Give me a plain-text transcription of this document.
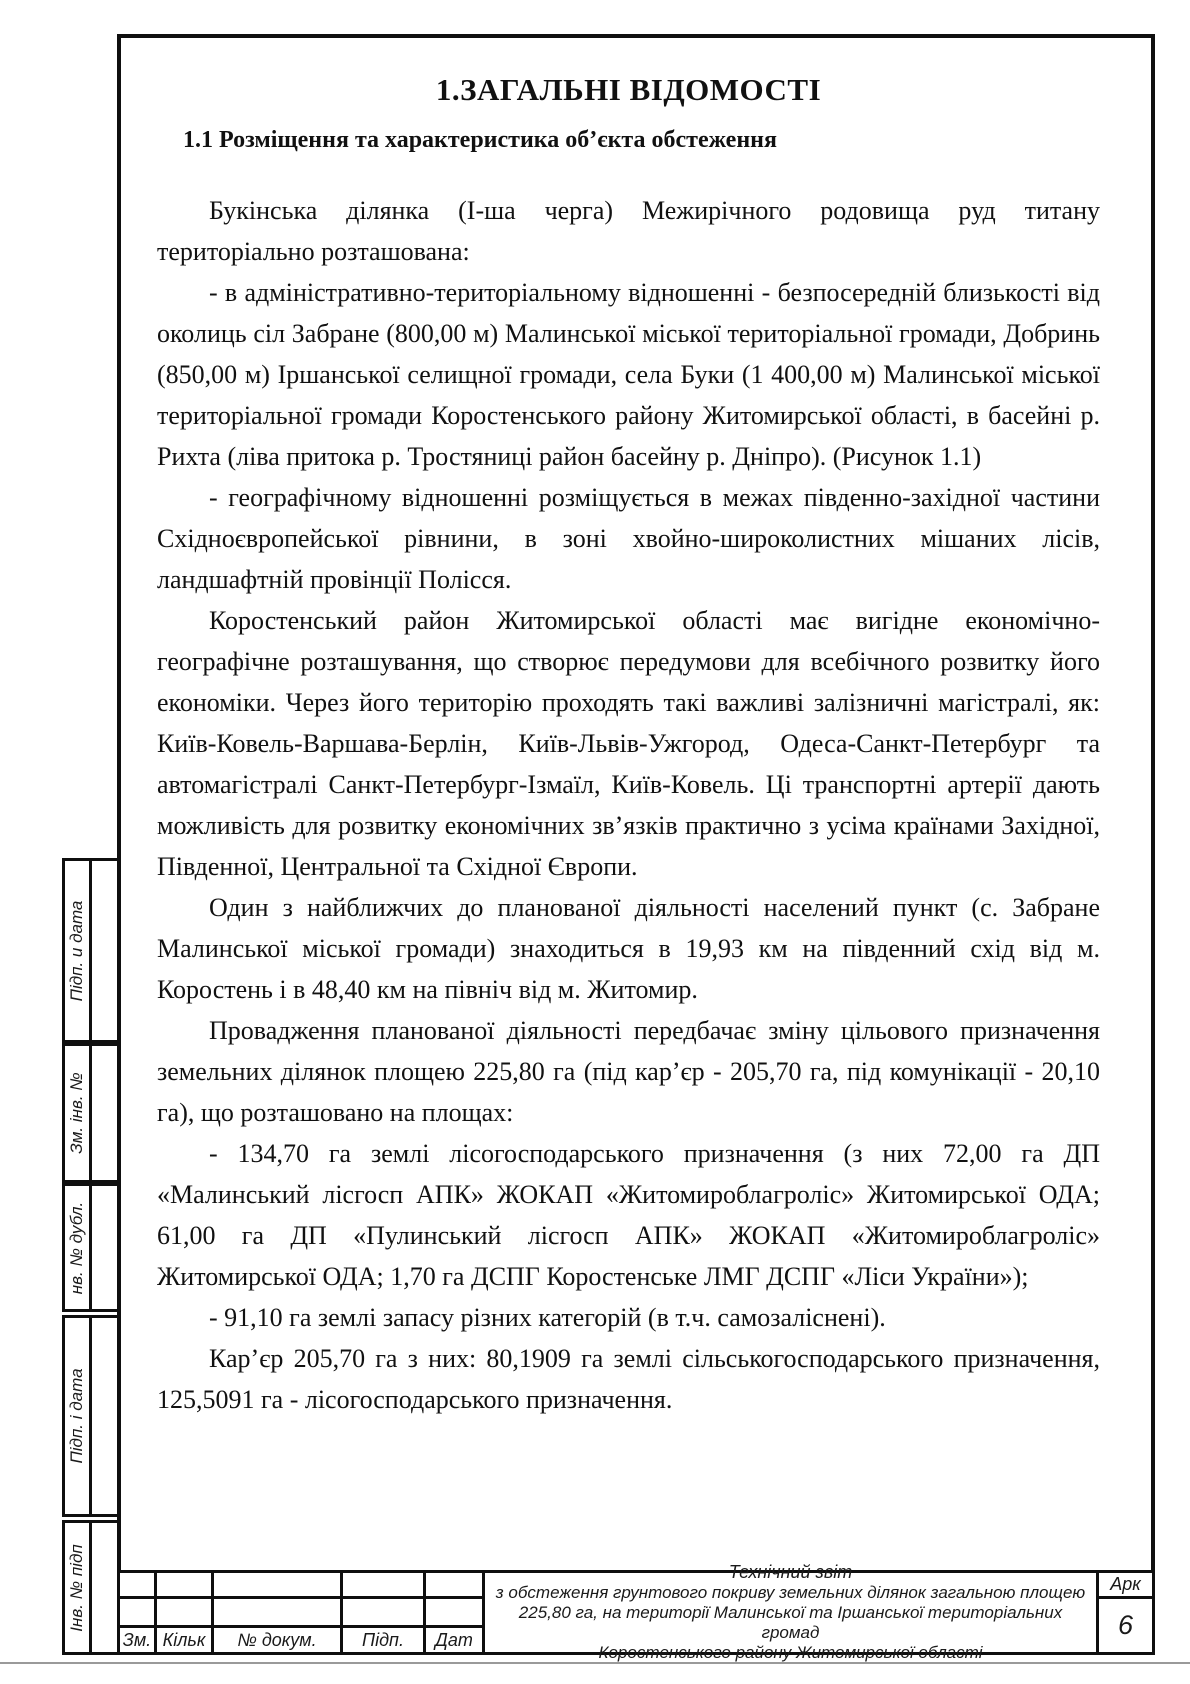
1.ЗАГАЛЬНІ ВІДОМОСТІ
1.1 Розміщення та характеристика об’єкта обстеження

Букінська ділянка (І-ша черга) Межирічного родовища руд титану територіально розташована:

- в адміністративно-територіальному відношенні - безпосередній близькості від околиць сіл Забране (800,00 м) Малинської міської територіальної громади, Добринь (850,00 м) Іршанської селищної громади, села Буки (1 400,00 м) Малинської міської територіальної громади Коростенського району Житомирської області, в басейні р. Рихта (ліва притока р. Тростяниці район басейну р. Дніпро). (Рисунок 1.1)

- географічному відношенні розміщується в межах південно-західної частини Східноєвропейської рівнини, в зоні хвойно-широколистних мішаних лісів, ландшафтній провінції Полісся.

Коростенський район Житомирської області має вигідне економічно-географічне розташування, що створює передумови для всебічного розвитку його економіки. Через його територію проходять такі важливі залізничні магістралі, як: Київ-Ковель-Варшава-Берлін, Київ-Львів-Ужгород, Одеса-Санкт-Петербург та автомагістралі Санкт-Петербург-Ізмаїл, Київ-Ковель. Ці транспортні артерії дають можливість для розвитку економічних зв’язків практично з усіма країнами Західної, Південної, Центральної та Східної Європи.

Один з найближчих до планованої діяльності населений пункт (с. Забране Малинської міської громади) знаходиться в 19,93 км на південний схід від м. Коростень і в 48,40 км на північ від м. Житомир.

Провадження планованої діяльності передбачає зміну цільового призначення земельних ділянок площею 225,80 га (під кар’єр - 205,70 га, під комунікації - 20,10 га), що розташовано на площах:

- 134,70 га землі лісогосподарського призначення (з них 72,00 га ДП «Малинський лісгосп АПК» ЖОКАП «Житомироблагроліс» Житомирської ОДА; 61,00 га ДП «Пулинський лісгосп АПК» ЖОКАП «Житомироблагроліс» Житомирської ОДА; 1,70 га ДСПГ Коростенське ЛМГ ДСПГ «Ліси України»);

- 91,10 га землі запасу різних категорій (в т.ч. самозаліснені).

Кар’єр 205,70 га з них: 80,1909 га землі сільськогосподарського призначення, 125,5091 га - лісогосподарського призначення.

Підп. и дата
Зм. інв. №
нв. № дубл.
Підп. і дата
Інв. № підп
Зм. Кільк	№ докум.	Підп.	Дат
Технічний звіт
з обстеження грунтового покриву земельних ділянок загальною площею
225,80 га, на території Малинської та Іршанської територіальних громад
Коростенського району Житомирської області
Арк
6
